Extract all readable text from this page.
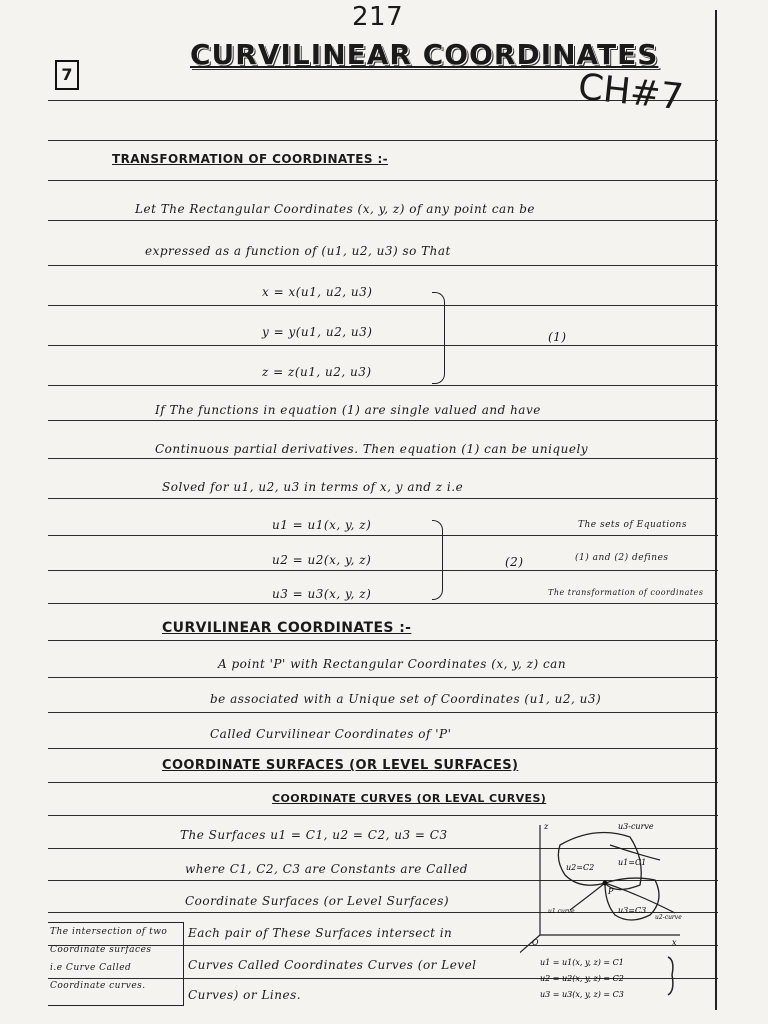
217
7
CURVILINEAR COORDINATES
CH#7
TRANSFORMATION OF COORDINATES :-
Let The Rectangular Coordinates (x, y, z) of any point can be
expressed as a function of (u1, u2, u3) so That
x = x(u1, u2, u3)
y = y(u1, u2, u3)
z = z(u1, u2, u3)
(1)
If The functions in equation (1) are single valued and have
Continuous partial derivatives. Then equation (1) can be uniquely
Solved for u1, u2, u3 in terms of x, y and z i.e
u1 = u1(x, y, z)
u2 = u2(x, y, z)
u3 = u3(x, y, z)
(2)
The sets of Equations
(1) and (2) defines
The transformation of coordinates
CURVILINEAR COORDINATES :-
A point 'P' with Rectangular Coordinates (x, y, z) can
be associated with a Unique set of Coordinates (u1, u2, u3)
Called Curvilinear Coordinates of 'P'
COORDINATE SURFACES (OR LEVEL SURFACES)
COORDINATE CURVES (OR LEVAL CURVES)
The Surfaces u1 = C1, u2 = C2, u3 = C3
where C1, C2, C3 are Constants are Called
Coordinate Surfaces (or Level Surfaces)
Each pair of These Surfaces intersect in
Curves Called Coordinates Curves (or Level
Curves) or Lines.
The intersection of two
Coordinate surfaces
i.e Curve Called
Coordinate curves.
u3-curve
u1=C1
u2=C2
u3=C3
u1 curve
u2-curve
P
O	x
z
u1 = u1(x, y, z) = C1
u2 = u2(x, y, z) = C2
u3 = u3(x, y, z) = C3
